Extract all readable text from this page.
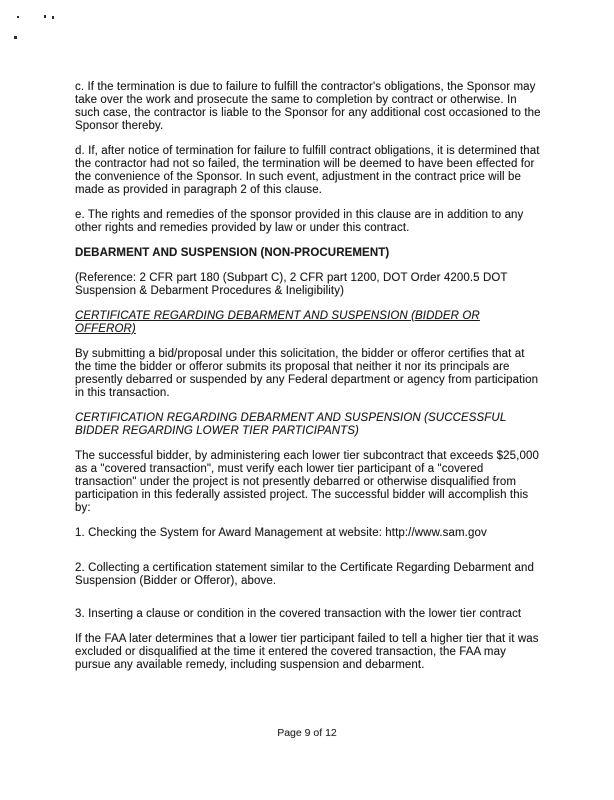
c. If the termination is due to failure to fulfill the contractor's obligations, the Sponsor may take over the work and prosecute the same to completion by contract or otherwise. In such case, the contractor is liable to the Sponsor for any additional cost occasioned to the Sponsor thereby.

d. If, after notice of termination for failure to fulfill contract obligations, it is determined that the contractor had not so failed, the termination will be deemed to have been effected for the convenience of the Sponsor. In such event, adjustment in the contract price will be made as provided in paragraph 2 of this clause.

e. The rights and remedies of the sponsor provided in this clause are in addition to any other rights and remedies provided by law or under this contract.

DEBARMENT AND SUSPENSION (NON-PROCUREMENT)

(Reference: 2 CFR part 180 (Subpart C), 2 CFR part 1200, DOT Order 4200.5 DOT Suspension & Debarment Procedures & Ineligibility)

CERTIFICATE REGARDING DEBARMENT AND SUSPENSION (BIDDER OR OFFEROR)

By submitting a bid/proposal under this solicitation, the bidder or offeror certifies that at the time the bidder or offeror submits its proposal that neither it nor its principals are presently debarred or suspended by any Federal department or agency from participation in this transaction.

CERTIFICATION REGARDING DEBARMENT AND SUSPENSION (SUCCESSFUL BIDDER REGARDING LOWER TIER PARTICIPANTS)

The successful bidder, by administering each lower tier subcontract that exceeds $25,000 as a "covered transaction", must verify each lower tier participant of a "covered transaction" under the project is not presently debarred or otherwise disqualified from participation in this federally assisted project. The successful bidder will accomplish this by:

1. Checking the System for Award Management at website: http://www.sam.gov

2. Collecting a certification statement similar to the Certificate Regarding Debarment and Suspension (Bidder or Offeror), above.

3. Inserting a clause or condition in the covered transaction with the lower tier contract

If the FAA later determines that a lower tier participant failed to tell a higher tier that it was excluded or disqualified at the time it entered the covered transaction, the FAA may pursue any available remedy, including suspension and debarment.

Page 9 of 12
